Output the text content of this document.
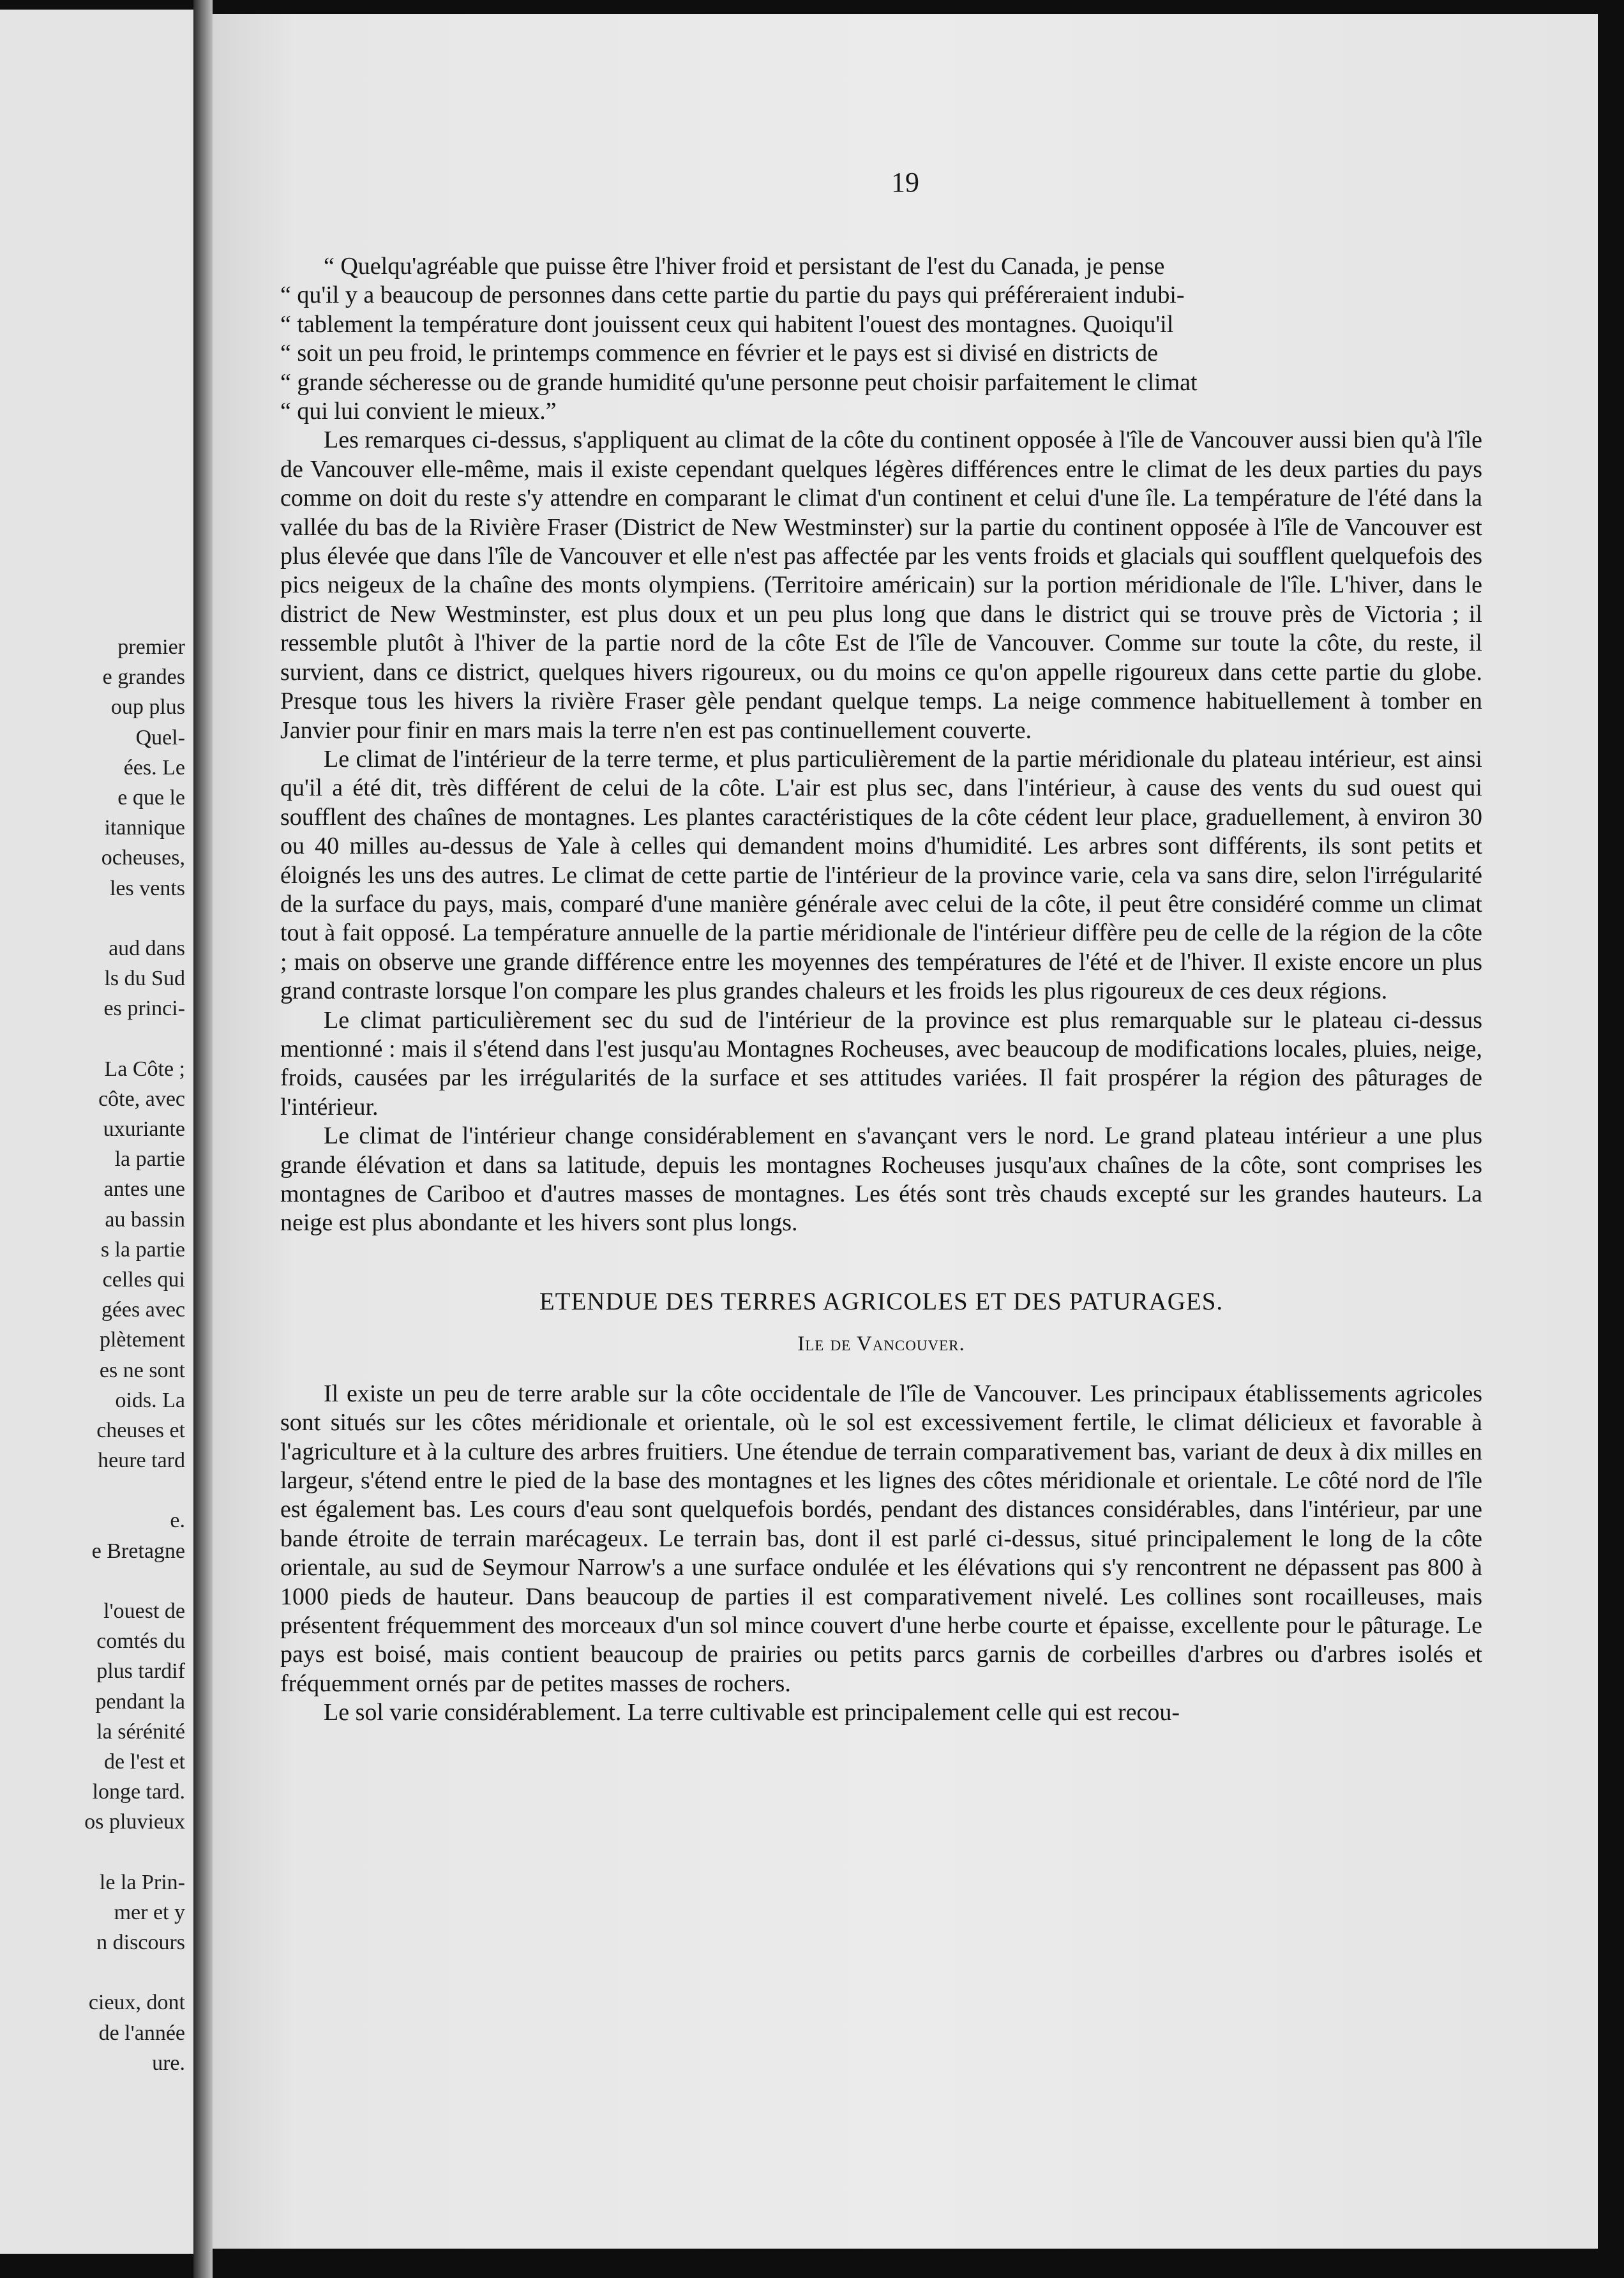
premier
e grandes
oup plus
Quel-
ées. Le
e que le
itannique
ocheuses,
les vents
aud dans
ls du Sud
es princi-
La Côte ;
côte, avec
uxuriante
la partie
antes une
au bassin
s la partie
celles qui
gées avec
plètement
es ne sont
oids. La
cheuses et
heure tard
e.
e Bretagne
l'ouest de
comtés du
plus tardif
pendant la
la sérénité
de l'est et
longe tard.
os pluvieux
le la Prin-
mer et y
n discours
cieux, dont
de l'année
ure.
19

“ Quelqu'agréable que puisse être l'hiver froid et persistant de l'est du Canada, je pense

“ qu'il y a beaucoup de personnes dans cette partie du partie du pays qui préféreraient indubi-

“ tablement la température dont jouissent ceux qui habitent l'ouest des montagnes. Quoiqu'il

“ soit un peu froid, le printemps commence en février et le pays est si divisé en districts de

“ grande sécheresse ou de grande humidité qu'une personne peut choisir parfaitement le climat

“ qui lui convient le mieux.”

Les remarques ci-dessus, s'appliquent au climat de la côte du continent opposée à l'île de Vancouver aussi bien qu'à l'île de Vancouver elle-même, mais il existe cependant quelques légères différences entre le climat de les deux parties du pays comme on doit du reste s'y attendre en comparant le climat d'un continent et celui d'une île. La température de l'été dans la vallée du bas de la Rivière Fraser (District de New Westminster) sur la partie du continent opposée à l'île de Vancouver est plus élevée que dans l'île de Vancouver et elle n'est pas affectée par les vents froids et glacials qui soufflent quelquefois des pics neigeux de la chaîne des monts olympiens. (Territoire américain) sur la portion méridionale de l'île. L'hiver, dans le district de New Westminster, est plus doux et un peu plus long que dans le district qui se trouve près de Victoria ; il ressemble plutôt à l'hiver de la partie nord de la côte Est de l'île de Vancouver. Comme sur toute la côte, du reste, il survient, dans ce district, quelques hivers rigoureux, ou du moins ce qu'on appelle rigoureux dans cette partie du globe. Presque tous les hivers la rivière Fraser gèle pendant quelque temps. La neige commence habituellement à tomber en Janvier pour finir en mars mais la terre n'en est pas continuellement couverte.

Le climat de l'intérieur de la terre terme, et plus particulièrement de la partie méridionale du plateau intérieur, est ainsi qu'il a été dit, très différent de celui de la côte. L'air est plus sec, dans l'intérieur, à cause des vents du sud ouest qui soufflent des chaînes de montagnes. Les plantes caractéristiques de la côte cédent leur place, graduellement, à environ 30 ou 40 milles au-dessus de Yale à celles qui demandent moins d'humidité. Les arbres sont différents, ils sont petits et éloignés les uns des autres. Le climat de cette partie de l'intérieur de la province varie, cela va sans dire, selon l'irrégularité de la surface du pays, mais, comparé d'une manière générale avec celui de la côte, il peut être considéré comme un climat tout à fait opposé. La température annuelle de la partie méridionale de l'intérieur diffère peu de celle de la région de la côte ; mais on observe une grande différence entre les moyennes des températures de l'été et de l'hiver. Il existe encore un plus grand contraste lorsque l'on compare les plus grandes chaleurs et les froids les plus rigoureux de ces deux régions.

Le climat particulièrement sec du sud de l'intérieur de la province est plus remarquable sur le plateau ci-dessus mentionné : mais il s'étend dans l'est jusqu'au Montagnes Rocheuses, avec beaucoup de modifications locales, pluies, neige, froids, causées par les irrégularités de la surface et ses attitudes variées. Il fait prospérer la région des pâturages de l'intérieur.

Le climat de l'intérieur change considérablement en s'avançant vers le nord. Le grand plateau intérieur a une plus grande élévation et dans sa latitude, depuis les montagnes Rocheuses jusqu'aux chaînes de la côte, sont comprises les montagnes de Cariboo et d'autres masses de montagnes. Les étés sont très chauds excepté sur les grandes hauteurs. La neige est plus abondante et les hivers sont plus longs.

ETENDUE DES TERRES AGRICOLES ET DES PATURAGES.
Ile de Vancouver.

Il existe un peu de terre arable sur la côte occidentale de l'île de Vancouver. Les principaux établissements agricoles sont situés sur les côtes méridionale et orientale, où le sol est excessivement fertile, le climat délicieux et favorable à l'agriculture et à la culture des arbres fruitiers. Une étendue de terrain comparativement bas, variant de deux à dix milles en largeur, s'étend entre le pied de la base des montagnes et les lignes des côtes méridionale et orientale. Le côté nord de l'île est également bas. Les cours d'eau sont quelquefois bordés, pendant des distances considérables, dans l'intérieur, par une bande étroite de terrain marécageux. Le terrain bas, dont il est parlé ci-dessus, situé principalement le long de la côte orientale, au sud de Seymour Narrow's a une surface ondulée et les élévations qui s'y rencontrent ne dépassent pas 800 à 1000 pieds de hauteur. Dans beaucoup de parties il est comparativement nivelé. Les collines sont rocailleuses, mais présentent fréquemment des morceaux d'un sol mince couvert d'une herbe courte et épaisse, excellente pour le pâturage. Le pays est boisé, mais contient beaucoup de prairies ou petits parcs garnis de corbeilles d'arbres ou d'arbres isolés et fréquemment ornés par de petites masses de rochers.

Le sol varie considérablement. La terre cultivable est principalement celle qui est recou-
